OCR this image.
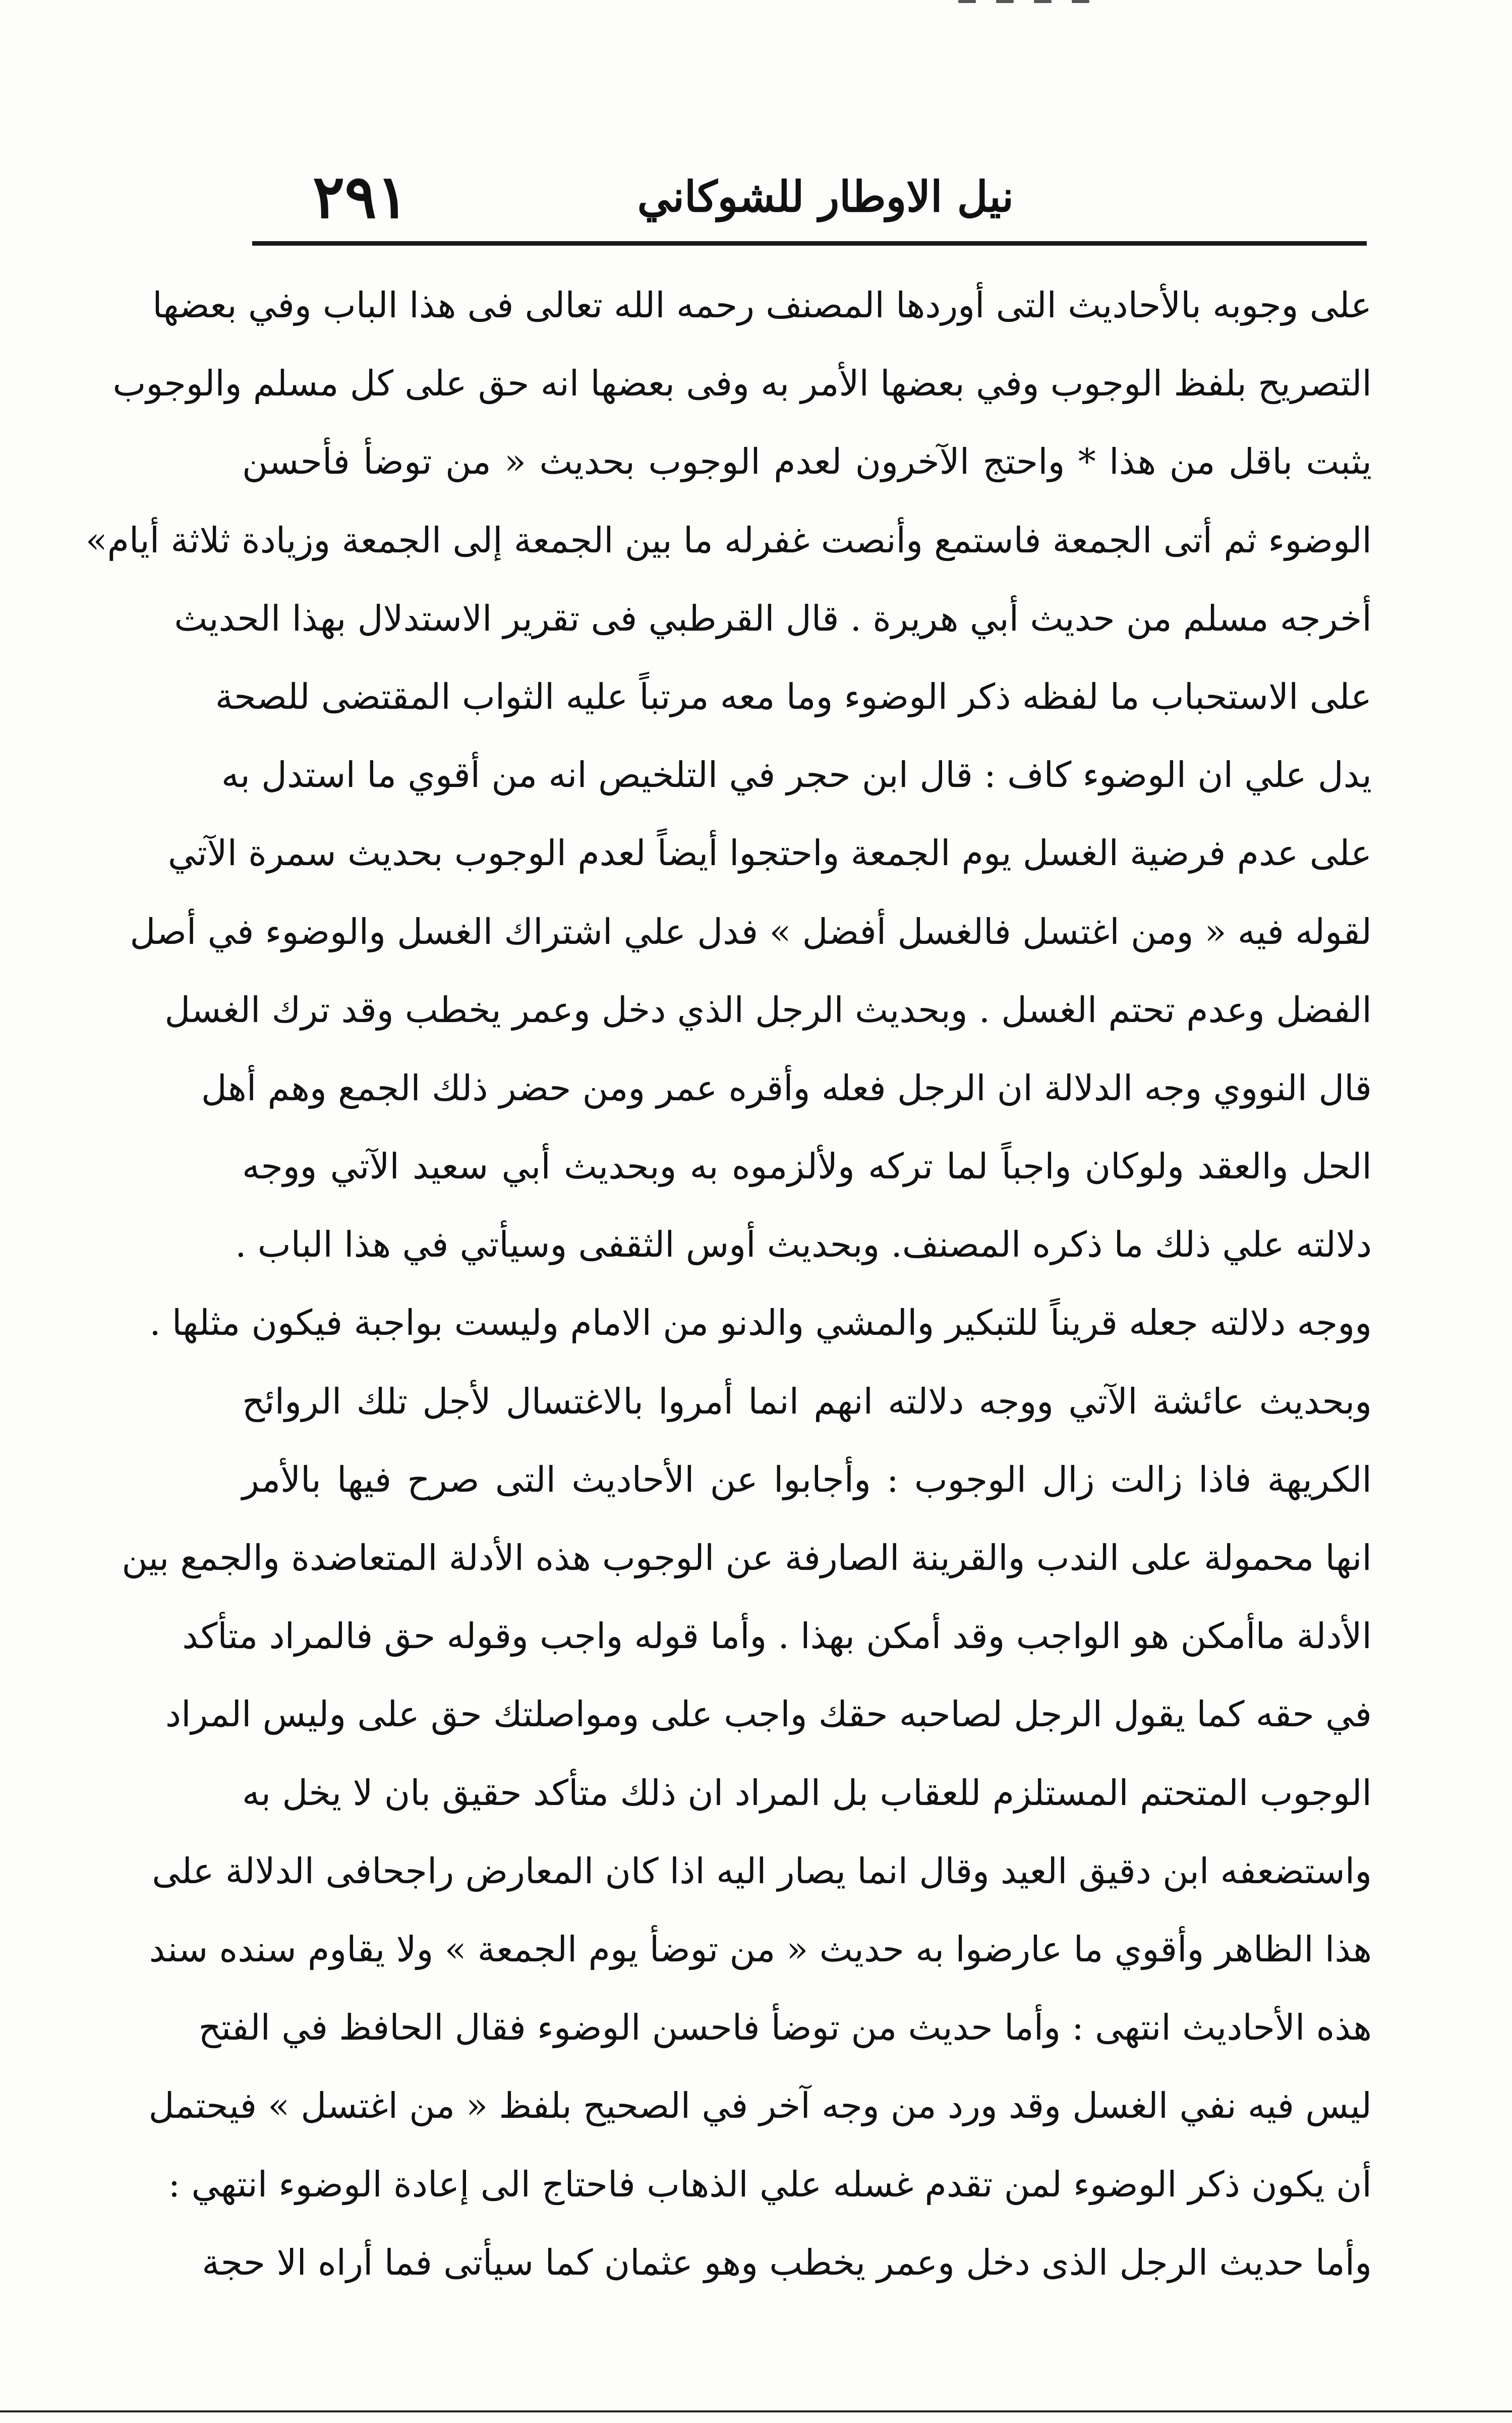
نيل الاوطار للشوكاني
٢٩١
على وجوبه بالأحاديث التى أوردها المصنف رحمه الله تعالى فى هذا الباب وفي بعضها
التصريح بلفظ الوجوب وفي بعضها الأمر به وفى بعضها انه حق على كل مسلم والوجوب
يثبت باقل من هذا * واحتج الآخرون لعدم الوجوب بحديث « من توضأ فأحسن
الوضوء ثم أتى الجمعة فاستمع وأنصت غفرله ما بين الجمعة إلى الجمعة وزيادة ثلاثة أيام»
أخرجه مسلم من حديث أبي هريرة . قال القرطبي فى تقرير الاستدلال بهذا الحديث
على الاستحباب ما لفظه ذكر الوضوء وما معه مرتباً عليه الثواب المقتضى للصحة
يدل علي ان الوضوء كاف : قال ابن حجر في التلخيص انه من أقوي ما استدل به
على عدم فرضية الغسل يوم الجمعة واحتجوا أيضاً لعدم الوجوب بحديث سمرة الآتي
لقوله فيه « ومن اغتسل فالغسل أفضل » فدل علي اشتراك الغسل والوضوء في أصل
الفضل وعدم تحتم الغسل . وبحديث الرجل الذي دخل وعمر يخطب وقد ترك الغسل
قال النووي وجه الدلالة ان الرجل فعله وأقره عمر ومن حضر ذلك الجمع وهم أهل
الحل والعقد ولوكان واجباً لما تركه ولألزموه به وبحديث أبي سعيد الآتي ووجه
دلالته علي ذلك ما ذكره المصنف. وبحديث أوس الثقفى وسيأتي في هذا الباب .
ووجه دلالته جعله قريناً للتبكير والمشي والدنو من الامام وليست بواجبة فيكون مثلها .
وبحديث عائشة الآتي ووجه دلالته انهم انما أمروا بالاغتسال لأجل تلك الروائح
الكريهة فاذا زالت زال الوجوب : وأجابوا عن الأحاديث التى صرح فيها بالأمر
انها محمولة على الندب والقرينة الصارفة عن الوجوب هذه الأدلة المتعاضدة والجمع بين
الأدلة ماأمكن هو الواجب وقد أمكن بهذا . وأما قوله واجب وقوله حق فالمراد متأكد
في حقه كما يقول الرجل لصاحبه حقك واجب على ومواصلتك حق على وليس المراد
الوجوب المتحتم المستلزم للعقاب بل المراد ان ذلك متأكد حقيق بان لا يخل به
واستضعفه ابن دقيق العيد وقال انما يصار اليه اذا كان المعارض راجحافى الدلالة على
هذا الظاهر وأقوي ما عارضوا به حديث « من توضأ يوم الجمعة » ولا يقاوم سنده سند
هذه الأحاديث انتهى : وأما حديث من توضأ فاحسن الوضوء فقال الحافظ في الفتح
ليس فيه نفي الغسل وقد ورد من وجه آخر في الصحيح بلفظ « من اغتسل » فيحتمل
أن يكون ذكر الوضوء لمن تقدم غسله علي الذهاب فاحتاج الى إعادة الوضوء انتهي :
وأما حديث الرجل الذى دخل وعمر يخطب وهو عثمان كما سيأتى فما أراه الا حجة
